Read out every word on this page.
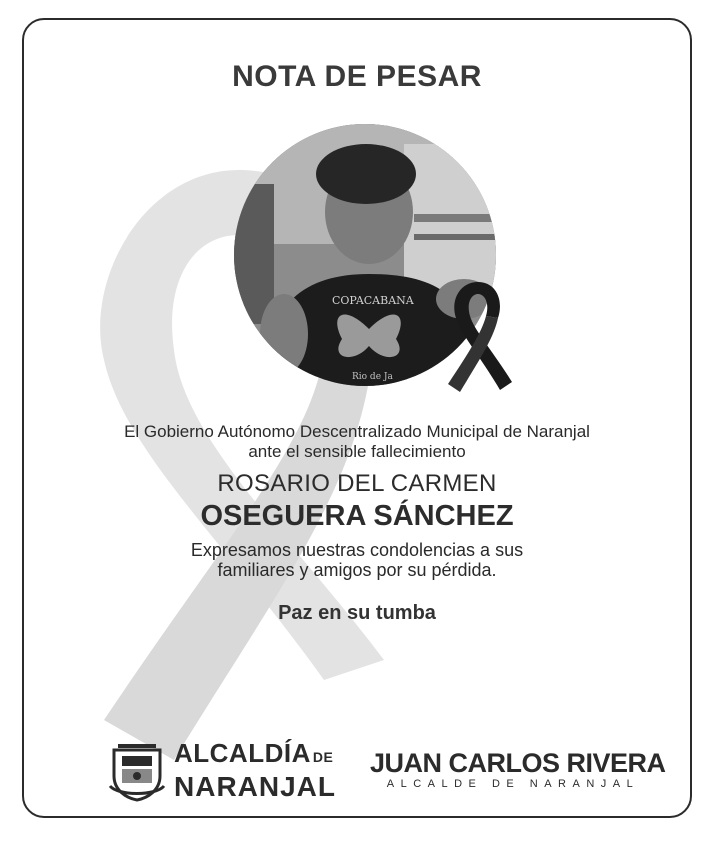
NOTA DE PESAR
COPACABANA
Rio de Ja
El Gobierno Autónomo Descentralizado Municipal de Naranjal
ante el sensible fallecimiento
ROSARIO DEL CARMEN
OSEGUERA SÁNCHEZ
Expresamos nuestras condolencias a sus
familiares y amigos por su pérdida.
Paz en su tumba
ALCALDÍA DE
NARANJAL
JUAN CARLOS RIVERA
ALCALDE DE NARANJAL
